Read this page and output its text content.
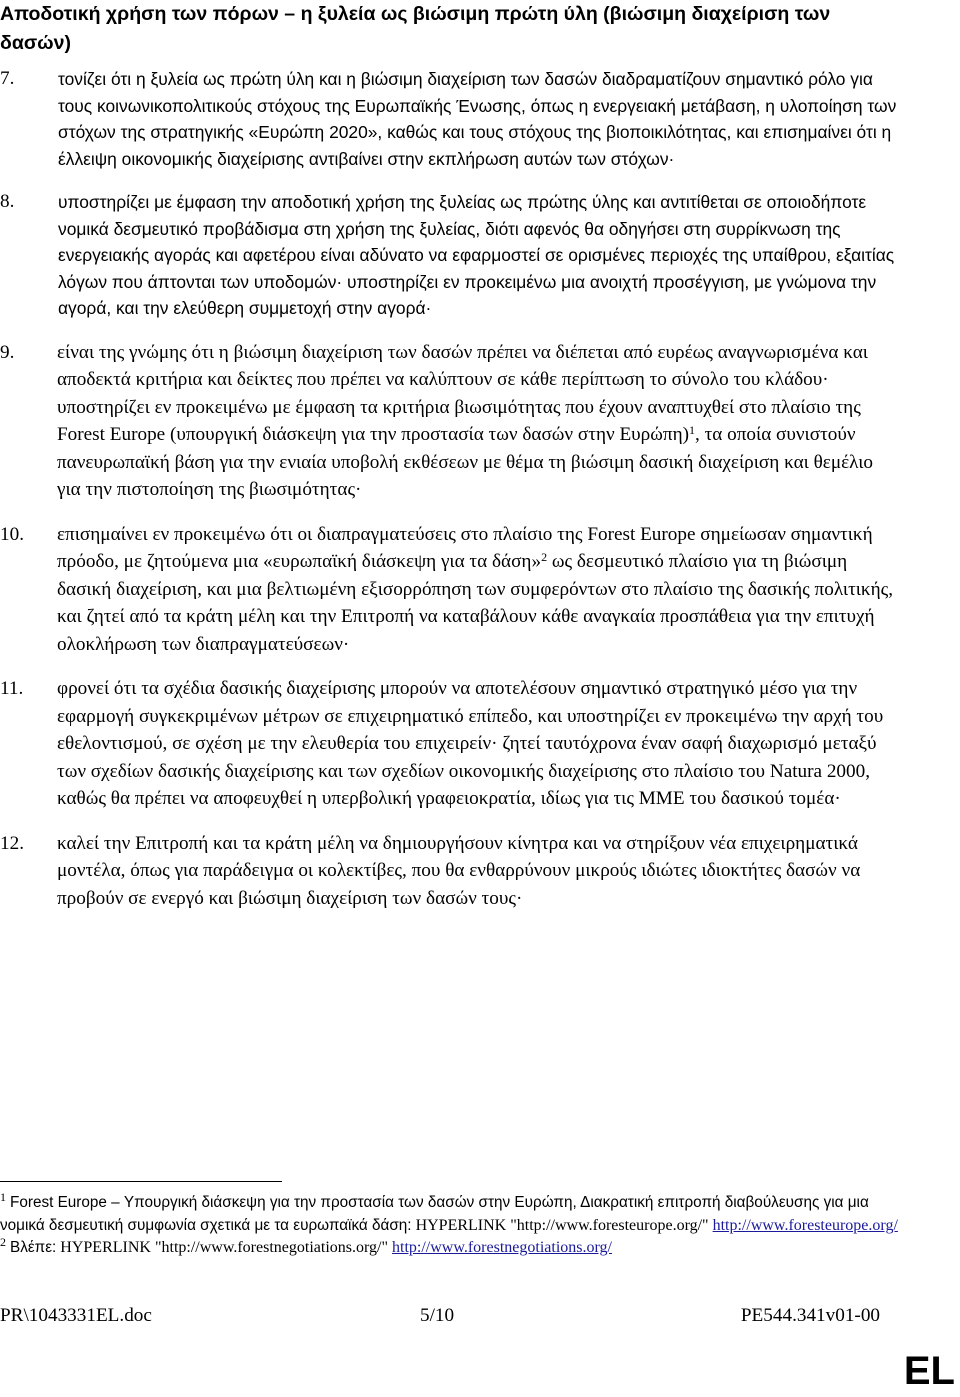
Αποδοτική χρήση των πόρων – η ξυλεία ως βιώσιμη πρώτη ύλη (βιώσιμη διαχείριση των δασών)
7.	τονίζει ότι η ξυλεία ως πρώτη ύλη και η βιώσιμη διαχείριση των δασών διαδραματίζουν σημαντικό ρόλο για τους κοινωνικοπολιτικούς στόχους της Ευρωπαϊκής Ένωσης, όπως η ενεργειακή μετάβαση, η υλοποίηση των στόχων της στρατηγικής «Ευρώπη 2020», καθώς και τους στόχους της βιοποικιλότητας, και επισημαίνει ότι η έλλειψη οικονομικής διαχείρισης αντιβαίνει στην εκπλήρωση αυτών των στόχων·
8.	υποστηρίζει με έμφαση την αποδοτική χρήση της ξυλείας ως πρώτης ύλης και αντιτίθεται σε οποιοδήποτε νομικά δεσμευτικό προβάδισμα στη χρήση της ξυλείας, διότι αφενός θα οδηγήσει στη συρρίκνωση της ενεργειακής αγοράς και αφετέρου είναι αδύνατο να εφαρμοστεί σε ορισμένες περιοχές της υπαίθρου, εξαιτίας λόγων που άπτονται των υποδομών· υποστηρίζει εν προκειμένω μια ανοιχτή προσέγγιση, με γνώμονα την αγορά, και την ελεύθερη συμμετοχή στην αγορά·
9. είναι της γνώμης ότι η βιώσιμη διαχείριση των δασών πρέπει να διέπεται από ευρέως αναγνωρισμένα και αποδεκτά κριτήρια και δείκτες που πρέπει να καλύπτουν σε κάθε περίπτωση το σύνολο του κλάδου· υποστηρίζει εν προκειμένω με έμφαση τα κριτήρια βιωσιμότητας που έχουν αναπτυχθεί στο πλαίσιο της Forest Europe (υπουργική διάσκεψη για την προστασία των δασών στην Ευρώπη)$^1$, τα οποία συνιστούν πανευρωπαϊκή βάση για την ενιαία υποβολή εκθέσεων με θέμα τη βιώσιμη δασική διαχείριση και θεμέλιο για την πιστοποίηση της βιωσιμότητας·
10. επισημαίνει εν προκειμένω ότι οι διαπραγματεύσεις στο πλαίσιο της Forest Europe σημείωσαν σημαντική πρόοδο, με ζητούμενα μια «ευρωπαϊκή διάσκεψη για τα δάση»$^2$ ως δεσμευτικό πλαίσιο για τη βιώσιμη δασική διαχείριση, και μια βελτιωμένη εξισορρόπηση των συμφερόντων στο πλαίσιο της δασικής πολιτικής, και ζητεί από τα κράτη μέλη και την Επιτροπή να καταβάλουν κάθε αναγκαία προσπάθεια για την επιτυχή ολοκλήρωση των διαπραγματεύσεων·
11. φρονεί ότι τα σχέδια δασικής διαχείρισης μπορούν να αποτελέσουν σημαντικό στρατηγικό μέσο για την εφαρμογή συγκεκριμένων μέτρων σε επιχειρηματικό επίπεδο, και υποστηρίζει εν προκειμένω την αρχή του εθελοντισμού, σε σχέση με την ελευθερία του επιχειρείν· ζητεί ταυτόχρονα έναν σαφή διαχωρισμό μεταξύ των σχεδίων δασικής διαχείρισης και των σχεδίων οικονομικής διαχείρισης στο πλαίσιο του Natura 2000, καθώς θα πρέπει να αποφευχθεί η υπερβολική γραφειοκρατία, ιδίως για τις ΜΜΕ του δασικού τομέα·
12. καλεί την Επιτροπή και τα κράτη μέλη να δημιουργήσουν κίνητρα και να στηρίξουν νέα επιχειρηματικά μοντέλα, όπως για παράδειγμα οι κολεκτίβες, που θα ενθαρρύνουν μικρούς ιδιώτες ιδιοκτήτες δασών να προβούν σε ενεργό και βιώσιμη διαχείριση των δασών τους·
$^1$ Forest Europe – Υπουργική διάσκεψη για την προστασία των δασών στην Ευρώπη, Διακρατική επιτροπή διαβούλευσης για μια νομικά δεσμευτική συμφωνία σχετικά με τα ευρωπαϊκά δάση: HYPERLINK "http://www.foresteurope.org/" http://www.foresteurope.org/
$^2$ Βλέπε: HYPERLINK "http://www.forestnegotiations.org/" http://www.forestnegotiations.org/
PR\1043331EL.doc	5/10	PE544.341v01-00
EL
